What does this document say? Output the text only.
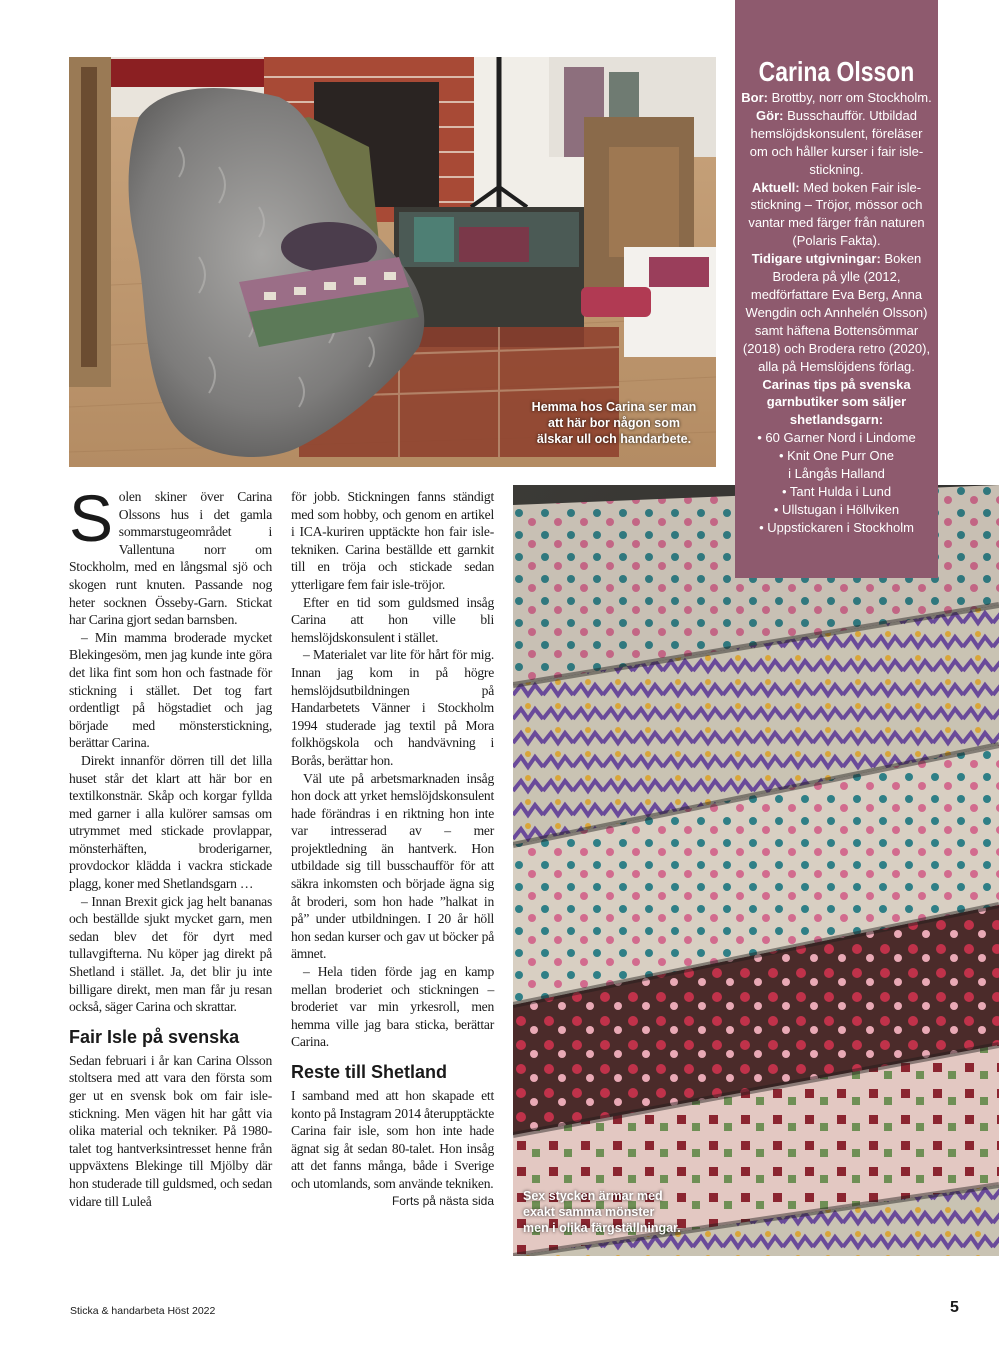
Hemma hos Carina ser man
att här bor någon som
älskar ull och handarbete.
Sex stycken ärmar med
exakt samma mönster
men i olika färgställningar.
Carina Olsson
Bor: Brottby, norr om Stockholm.
Gör: Busschaufför. Utbildad hemslöjdskonsulent, föreläser om och håller kurser i fair isle-stickning.
Aktuell: Med boken Fair isle-stickning – Tröjor, mössor och vantar med färger från naturen (Polaris Fakta).
Tidigare utgivningar: Boken Brodera på ylle (2012, medförfattare Eva Berg, Anna Wengdin och Annhelén Olsson) samt häftena Bottensömmar (2018) och Brodera retro (2020), alla på Hemslöjdens förlag.
Carinas tips på svenska garnbutiker som säljer shetlandsgarn:
• 60 Garner Nord i Lindome
• Knit One Purr One
i Långås Halland
• Tant Hulda i Lund
• Ullstugan i Höllviken
• Uppstickaren i Stockholm

Solen skiner över Carina Olssons hus i det gamla sommarstugeområdet i Vallentuna norr om Stockholm, med en långsmal sjö och skogen runt knuten. Passande nog heter socknen Össeby-Garn. Stickat har Carina gjort sedan barnsben.

– Min mamma broderade mycket Blekingesöm, men jag kunde inte göra det lika fint som hon och fastnade för stickning i stället. Det tog fart ordentligt på högstadiet och jag började med mönsterstickning, berättar Carina.

Direkt innanför dörren till det lilla huset står det klart att här bor en textilkonstnär. Skåp och korgar fyllda med garner i alla kulörer samsas om utrymmet med stickade provlappar, mönsterhäften, broderigarner, provdockor klädda i vackra stickade plagg, koner med Shetlandsgarn …

– Innan Brexit gick jag helt bananas och beställde sjukt mycket garn, men sedan blev det för dyrt med tullavgifterna. Nu köper jag direkt på Shetland i stället. Ja, det blir ju inte billigare direkt, men man får ju resan också, säger Carina och skrattar.

Fair Isle på svenska

Sedan februari i år kan Carina Olsson stoltsera med att vara den första som ger ut en svensk bok om fair isle-stickning. Men vägen hit har gått via olika material och tekniker. På 1980-talet tog hantverksintresset henne från uppväxtens Blekinge till Mjölby där hon studerade till guldsmed, och sedan vidare till Luleå

för jobb. Stickningen fanns ständigt med som hobby, och genom en artikel i ICA-kuriren upptäckte hon fair isle-tekniken. Carina beställde ett garnkit till en tröja och stickade sedan ytterligare fem fair isle-tröjor.

Efter en tid som guldsmed insåg Carina att hon ville bli hemslöjdskonsulent i stället.

– Materialet var lite för hårt för mig. Innan jag kom in på högre hemslöjdsutbildningen på Handarbetets Vänner i Stockholm 1994 studerade jag textil på Mora folkhögskola och handvävning i Borås, berättar hon.

Väl ute på arbetsmarknaden insåg hon dock att yrket hemslöjdskonsulent hade förändras i en riktning hon inte var intresserad av – mer projektledning än hantverk. Hon utbildade sig till busschaufför för att säkra inkomsten och började ägna sig åt broderi, som hon hade ”halkat in på” under utbildningen. I 20 år höll hon sedan kurser och gav ut böcker på ämnet.

– Hela tiden förde jag en kamp mellan broderiet och stickningen – broderiet var min yrkesroll, men hemma ville jag bara sticka, berättar Carina.

Reste till Shetland

I samband med att hon skapade ett konto på Instagram 2014 återupptäckte Carina fair isle, som hon inte hade ägnat sig åt sedan 80-talet. Hon insåg att det fanns många, både i Sverige och utomlands, som använde tekniken.

Forts på nästa sida
Sticka & handarbeta Höst 2022	5
